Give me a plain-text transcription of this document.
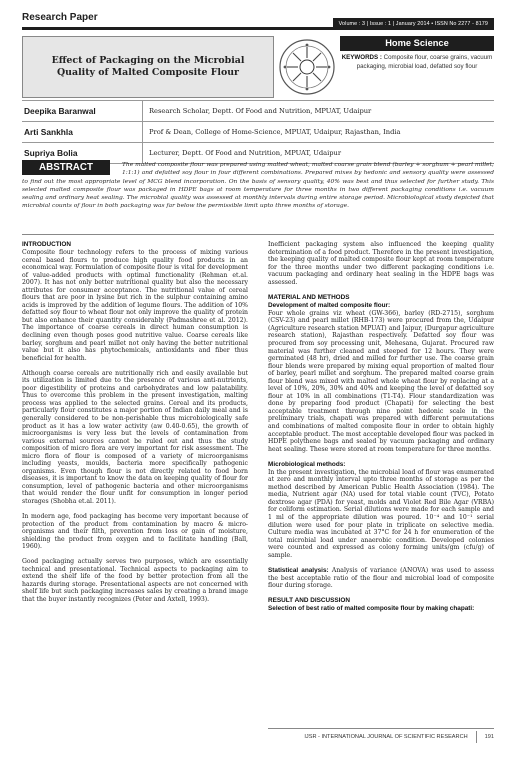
Research Paper
Volume : 3 | Issue : 1 | January 2014 • ISSN No 2277 - 8179
Effect of Packaging on the Microbial Quality of Malted Composite Flour
Home Science
KEYWORDS : Composite flour, coarse grains, vacuum packaging, microbial load, defatted soy flour
Deepika Baranwal	Research Scholar, Deptt. Of Food and Nutrition, MPUAT, Udaipur
Arti Sankhla	Prof & Dean, College of Home-Science, MPUAT, Udaipur, Rajasthan, India
Supriya Bolia	Lecturer, Deptt. Of Food and Nutrition, MPUAT, Udaipur
The malted composite flour was prepared using malted wheat, malted coarse grain blend (barley + sorghum + pearl millet; 1:1:1) and defatted soy flour in four different combinations. Prepared mixes by hedonic and sensory quality were assessed to find out the most appropriate level of MCG blend incorporation. On the basis of sensory quality, 40% was best and thus selected for further study. This selected malted composite flour was packaged in HDPE bags at room temperature for three months in two different packaging conditions i.e. vacuum sealing and ordinary heat sealing. The microbial quality was assessed at monthly intervals during entire storage period. Microbiological study depicted that microbial counts of flour in both packaging was far below the permissible limit upto three months of storage.
ABSTRACT
INTRODUCTION
Composite flour technology refers to the process of mixing various cereal based flours to produce high quality food products in an economical way. Formulation of composite flour is vital for development of value-added products with optimal functionality (Rehman et.al. 2007). It has not only better nutritional quality but also the necessary attributes for consumer acceptance. The nutritional value of cereal flours that are poor in lysine but rich in the sulphur containing amino acids is improved by the addition of legume flours. The addition of 10% defatted soy flour to wheat flour not only improve the quality of protein but also enhance their quantity considerably (Padmashree et al. 2012). The importance of coarse cereals in direct human consumption is declining even though poses good nutritive value. Coarse cereals like barley, sorghum and pearl millet not only having the better nutritional value but it also has phytochemicals, antioxidants and fiber thus beneficial for health.
Although coarse cereals are nutritionally rich and easily available but its utilization is limited due to the presence of various anti-nutrients, poor digestibility of proteins and carbohydrates and low palatability. Thus to overcome this problem in the present investigation, malting process was applied to the selected grains. Cereal and its products, particularly flour constitutes a major portion of Indian daily meal and is generally considered to be non-perishable thus microbiologically safe product as it has a low water activity (aw 0.40-0.65), the growth of microorganisms is very less but the levels of contamination from various external sources cannot be ruled out and thus the study composition of micro flora are very important for risk assessment. The micro flora of flour is composed of a variety of microorganisms including yeasts, moulds, bacteria more specifically pathogenic organisms. Even though flour is not directly related to food born diseases, it is important to know the data on keeping quality of flour for consumption, level of pathogenic bacteria and other microorganisms that would render the flour unfit for consumption in longer period storages (Shobha et.al. 2011).
In modern age, food packaging has become very important because of protection of the product from contamination by macro & micro-organisms and their filth, prevention from loss or gain of moisture, shielding the product from oxygen and to facilitate handling (Ball, 1960).
Good packaging actually serves two purposes, which are essentially technical and presentational. Technical aspects to packaging aim to extend the shelf life of the food by better protection from all the hazards during storage. Presentational aspects are not concerned with shelf life but such packaging increases sales by creating a brand image that the buyer instantly recognizes (Peter and Axtell, 1993).
Inefficient packaging system also influenced the keeping quality determination of a food product. Therefore in the present investigation, the keeping quality of malted composite flour kept at room temperature for the three months under two different packaging conditions i.e. vacuum packaging and ordinary heat sealing in the HDPE bags was assessed.
MATERIAL AND METHODS
Development of malted composite flour:
Four whole grains viz wheat (GW-366), barley (RD-2715), sorghum (CSV-23) and pearl millet (RHB-173) were procured from the, Udaipur (Agriculture research station MPUAT) and Jaipur, (Durgapur agriculture research station), Rajasthan respectively. Defatted soy flour was procured from soy processing unit, Mehesana, Gujarat. Procured raw material was further cleaned and steeped for 12 hours. They were germinated (48 hr), dried and milled for further use. The coarse grain flour blends were prepared by mixing equal proportion of malted flour of barley, pearl millet and sorghum. The prepared malted coarse grain flour blend was mixed with malted whole wheat flour by replacing at a level of 10%, 20%, 30% and 40% and keeping the level of defatted soy flour at 10% in all combinations (T1-T4). Flour standardization was done by preparing food product (Chapati) for selecting the best acceptable treatment through nine point hedonic scale in the preliminary trials, chapati was prepared with different permutations and combinations of malted composite flour in order to obtain highly acceptable product. The most acceptable developed flour was packed in HDPE polythene bags and sealed by vacuum packaging and ordinary heat sealing. These were stored at room temperature for three months.
Microbiological methods:
In the present investigation, the microbial load of flour was enumerated at zero and monthly interval upto three months of storage as per the method described by American Public Health Association (1984). The media, Nutrient agar (NA) used for total viable count (TVC), Potato dextrose agar (PDA) for yeast, molds and Violet Red Bile Agar (VRBA) for coliform estimation. Serial dilutions were made for each sample and 1 ml of the appropriate dilution was poured. 10⁻⁴ and 10⁻¹ serial dilution were used for pour plate in triplicate on selective media. Culture media was incubated at 37°C for 24 h for enumeration of the total microbial load under anaerobic condition. Developed colonies were counted and expressed as colony forming units/gm (cfu/g) of sample.
Statistical analysis: Analysis of variance (ANOVA) was used to assess the best acceptable ratio of the flour and microbial load of composite flour during storage.
RESULT AND DISCUSSION
Selection of best ratio of malted composite flour by making chapati:
IJSR - INTERNATIONAL JOURNAL OF SCIENTIFIC RESEARCH	191
